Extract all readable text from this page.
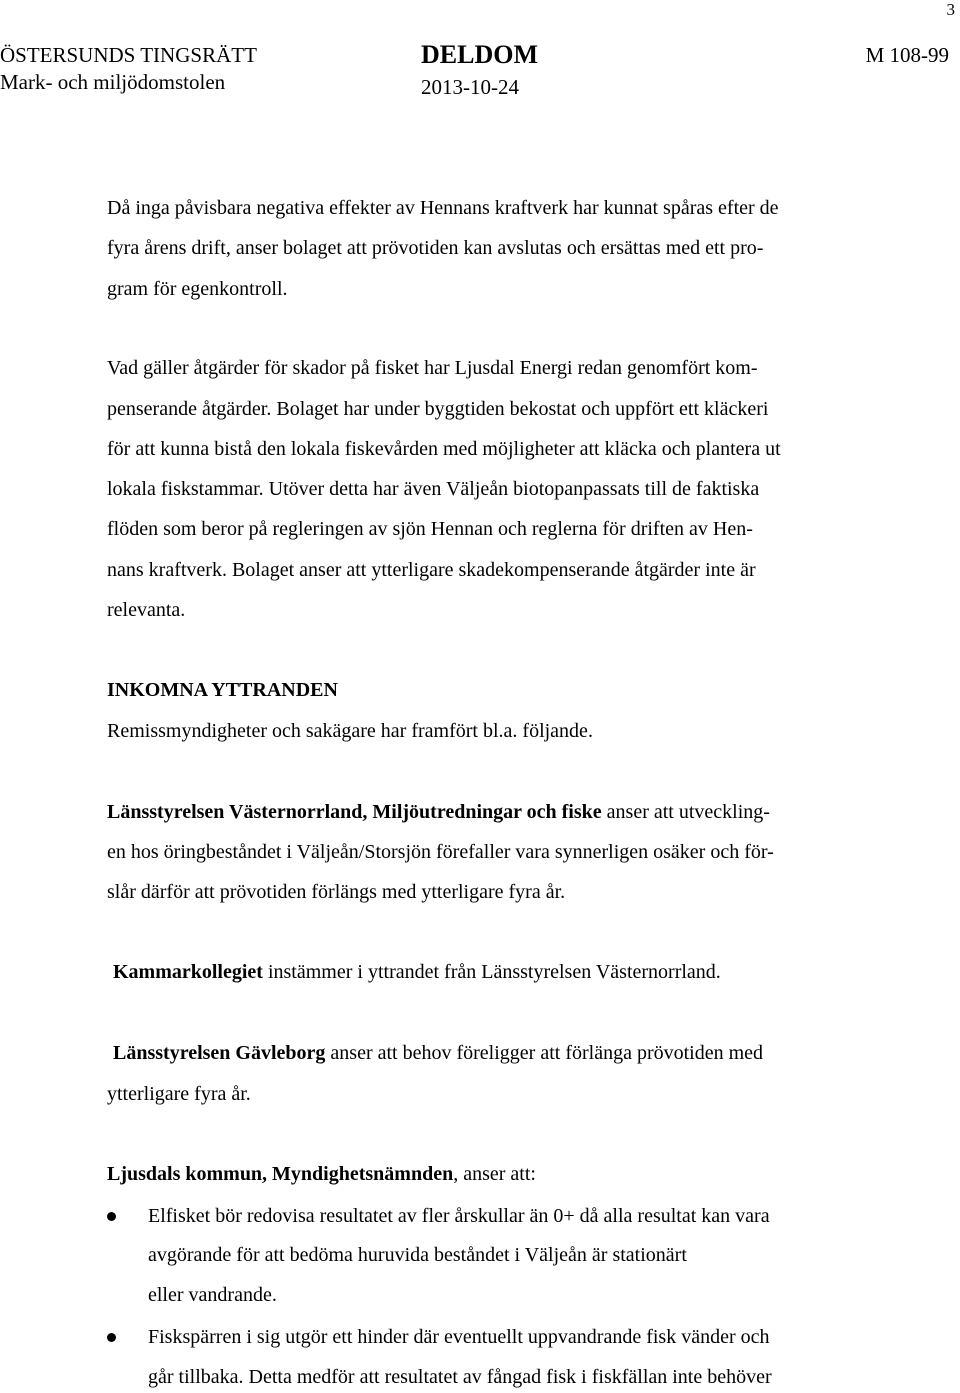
3
ÖSTERSUNDS TINGSRÄTT
Mark- och miljödomstolen
DELDOM
2013-10-24
M 108-99
Då inga påvisbara negativa effekter av Hennans kraftverk har kunnat spåras efter de
fyra årens drift, anser bolaget att prövotiden kan avslutas och ersättas med ett pro-
gram för egenkontroll.
Vad gäller åtgärder för skador på fisket har Ljusdal Energi redan genomfört kom-
penserande åtgärder. Bolaget har under byggtiden bekostat och uppfört ett kläckeri
för att kunna bistå den lokala fiskevården med möjligheter att kläcka och plantera ut
lokala fiskstammar. Utöver detta har även Väljeån biotopanpassats till de faktiska
flöden som beror på regleringen av sjön Hennan och reglerna för driften av Hen-
nans kraftverk. Bolaget anser att ytterligare skadekompenserande åtgärder inte är
relevanta.
INKOMNA YTTRANDEN
Remissmyndigheter och sakägare har framfört bl.a. följande.
Länsstyrelsen Västernorrland, Miljöutredningar och fiske anser att utveckling-
en hos öringbeståndet i Väljeån/Storsjön förefaller vara synnerligen osäker och för-
slår därför att prövotiden förlängs med ytterligare fyra år.
Kammarkollegiet instämmer i yttrandet från Länsstyrelsen Västernorrland.
Länsstyrelsen Gävleborg anser att behov föreligger att förlänga prövotiden med
ytterligare fyra år.
Ljusdals kommun, Myndighetsnämnden, anser att:
Elfisket bör redovisa resultatet av fler årskullar än 0+ då alla resultat kan vara
avgörande för att bedöma huruvida beståndet i Väljeån är stationärt
eller vandrande.
Fiskspärren i sig utgör ett hinder där eventuellt uppvandrande fisk vänder och
går tillbaka. Detta medför att resultatet av fångad fisk i fiskfällan inte behöver
